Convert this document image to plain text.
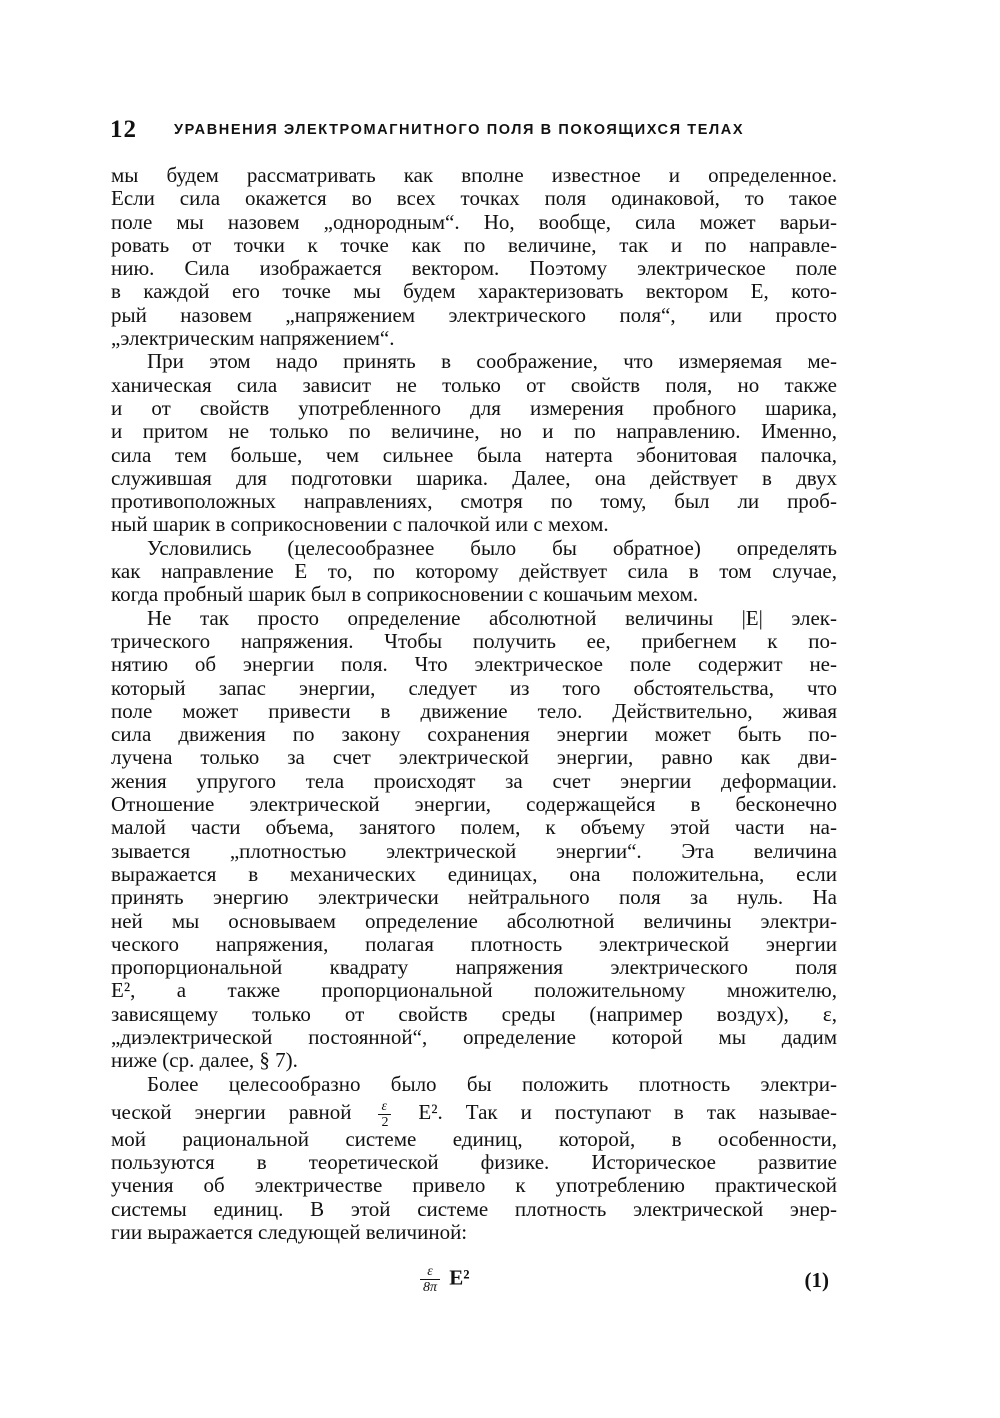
12	УРАВНЕНИЯ ЭЛЕКТРОМАГНИТНОГО ПОЛЯ В ПОКОЯЩИХСЯ ТЕЛАХ

мы будем рассматривать как вполне известное и определенное.

Если сила окажется во всех точках поля одинаковой, то такое

поле мы назовем „однородным“. Но, вообще, сила может варьи-

ровать от точки к точке как по величине, так и по направле-

нию. Сила изображается вектором. Поэтому электрическое поле

в каждой его точке мы будем характеризовать вектором E, кото-

рый назовем „напряжением электрического поля“, или просто

„электрическим напряжением“.

При этом надо принять в соображение, что измеряемая ме-

ханическая сила зависит не только от свойств поля, но также

и от свойств употребленного для измерения пробного шарика,

и притом не только по величине, но и по направлению. Именно,

сила тем больше, чем сильнее была натерта эбонитовая палочка,

служившая для подготовки шарика. Далее, она действует в двух

противоположных направлениях, смотря по тому, был ли проб-

ный шарик в соприкосновении с палочкой или с мехом.

Условились (целесообразнее было бы обратное) определять

как направление E то, по которому действует сила в том случае,

когда пробный шарик был в соприкосновении с кошачьим мехом.

Не так просто определение абсолютной величины |E| элек-

трического напряжения. Чтобы получить ее, прибегнем к по-

нятию об энергии поля. Что электрическое поле содержит не-

который запас энергии, следует из того обстоятельства, что

поле может привести в движение тело. Действительно, живая

сила движения по закону сохранения энергии может быть по-

лучена только за счет электрической энергии, равно как дви-

жения упругого тела происходят за счет энергии деформации.

Отношение электрической энергии, содержащейся в бесконечно

малой части объема, занятого полем, к объему этой части на-

зывается „плотностью электрической энергии“. Эта величина

выражается в механических единицах, она положительна, если

принять энергию электрически нейтрального поля за нуль. На

ней мы основываем определение абсолютной величины электри-

ческого напряжения, полагая плотность электрической энергии

пропорциональной квадрату напряжения электрического поля

E², а также пропорциональной положительному множителю,

зависящему только от свойств среды (например воздух), ε,

„диэлектрической постоянной“, определение которой мы дадим

ниже (ср. далее, § 7).

Более целесообразно было бы положить плотность электри-

ческой энергии равной $\frac{\varepsilon}{2} E^2$. Так и поступают в так называе-

мой рациональной системе единиц, которой, в особенности,

пользуются в теоретической физике. Историческое развитие

учения об электричестве привело к употреблению практической

системы единиц. В этой системе плотность электрической энер-

гии выражается следующей величиной:

$\frac{\varepsilon}{8\pi} E^2$	(1)
